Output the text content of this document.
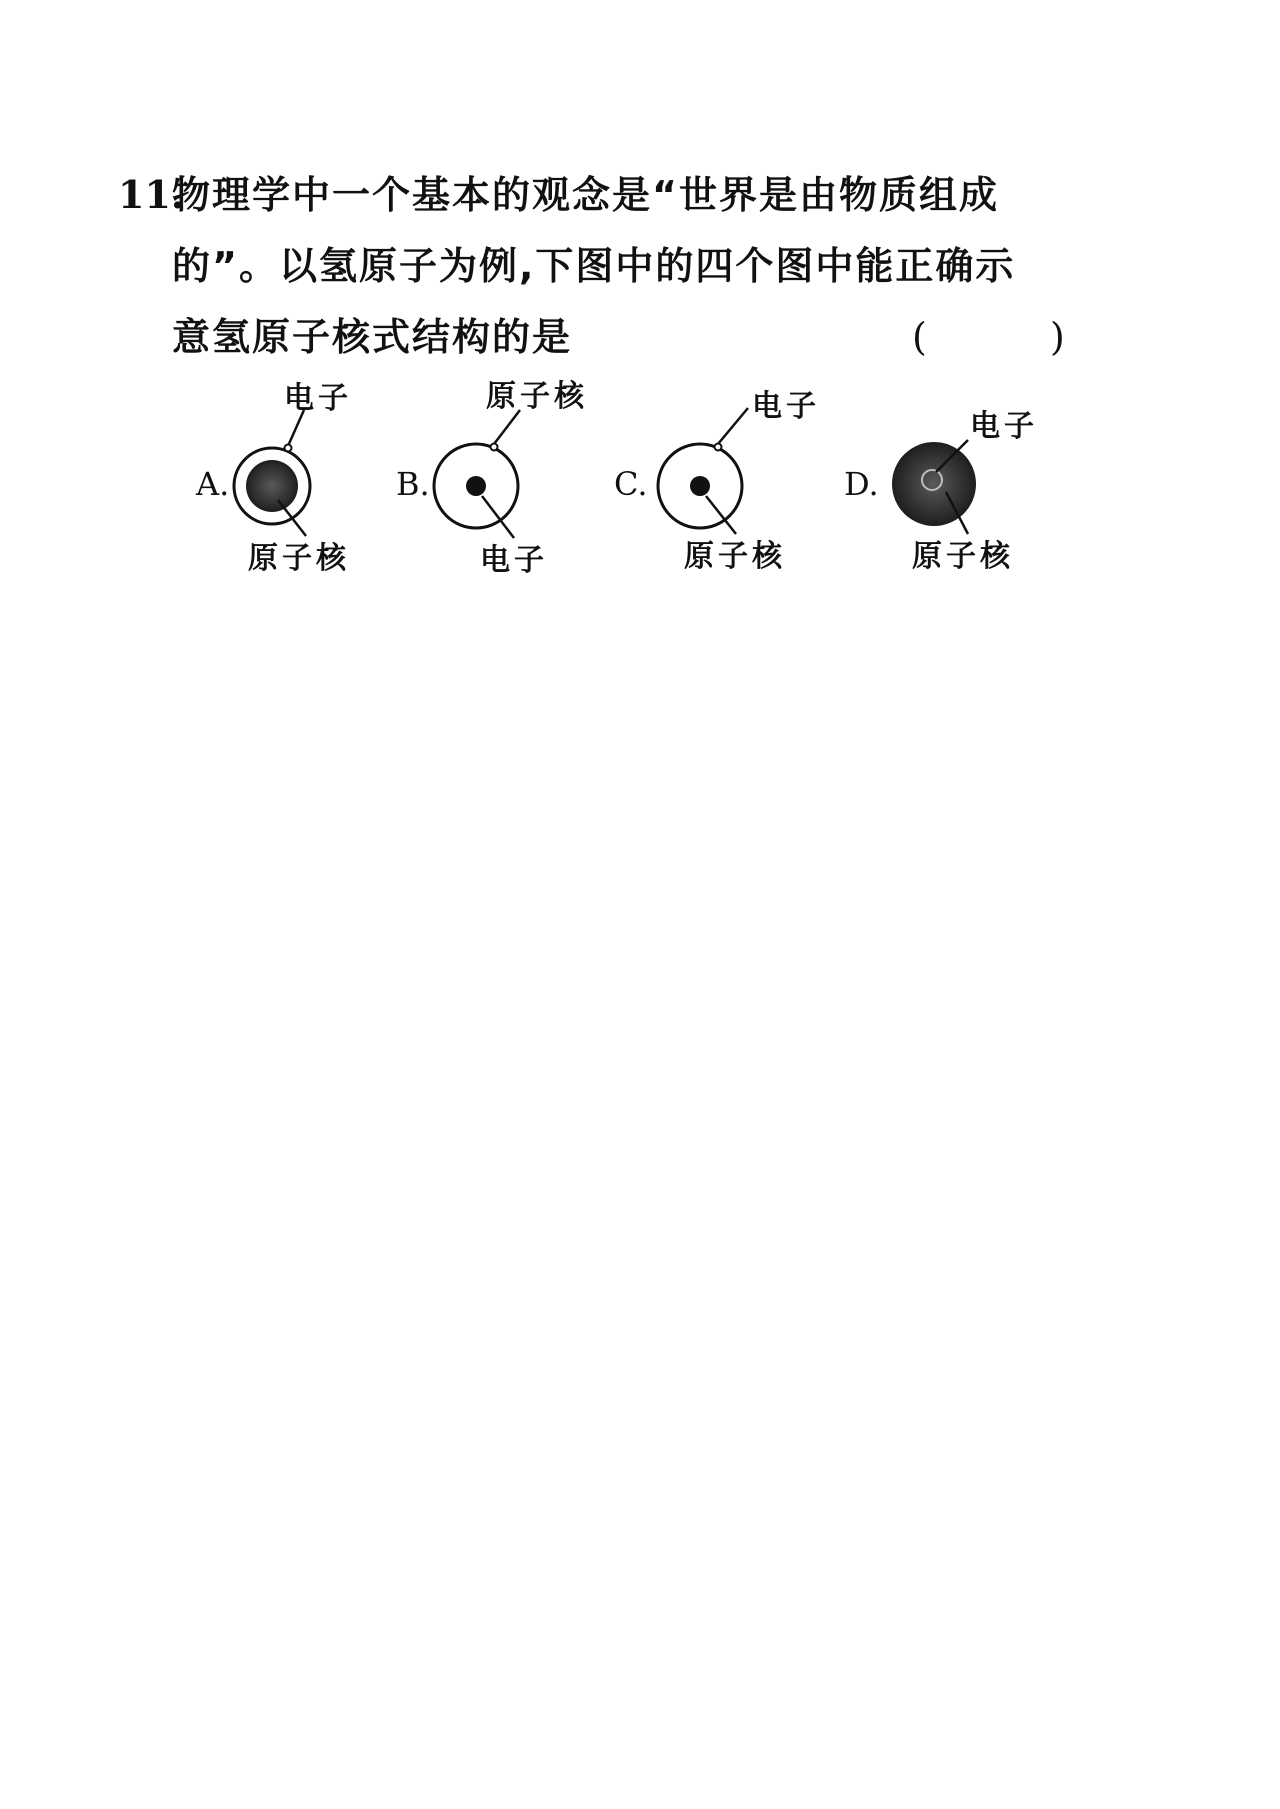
11.
物理学中一个基本的观念是“世界是由物质组成
的”。以氢原子为例,下图中的四个图中能正确示
意氢原子核式结构的是	(	)
A.	B.	C.	D.
电子
原子核
原子核
电子
电子
原子核
电子
原子核
